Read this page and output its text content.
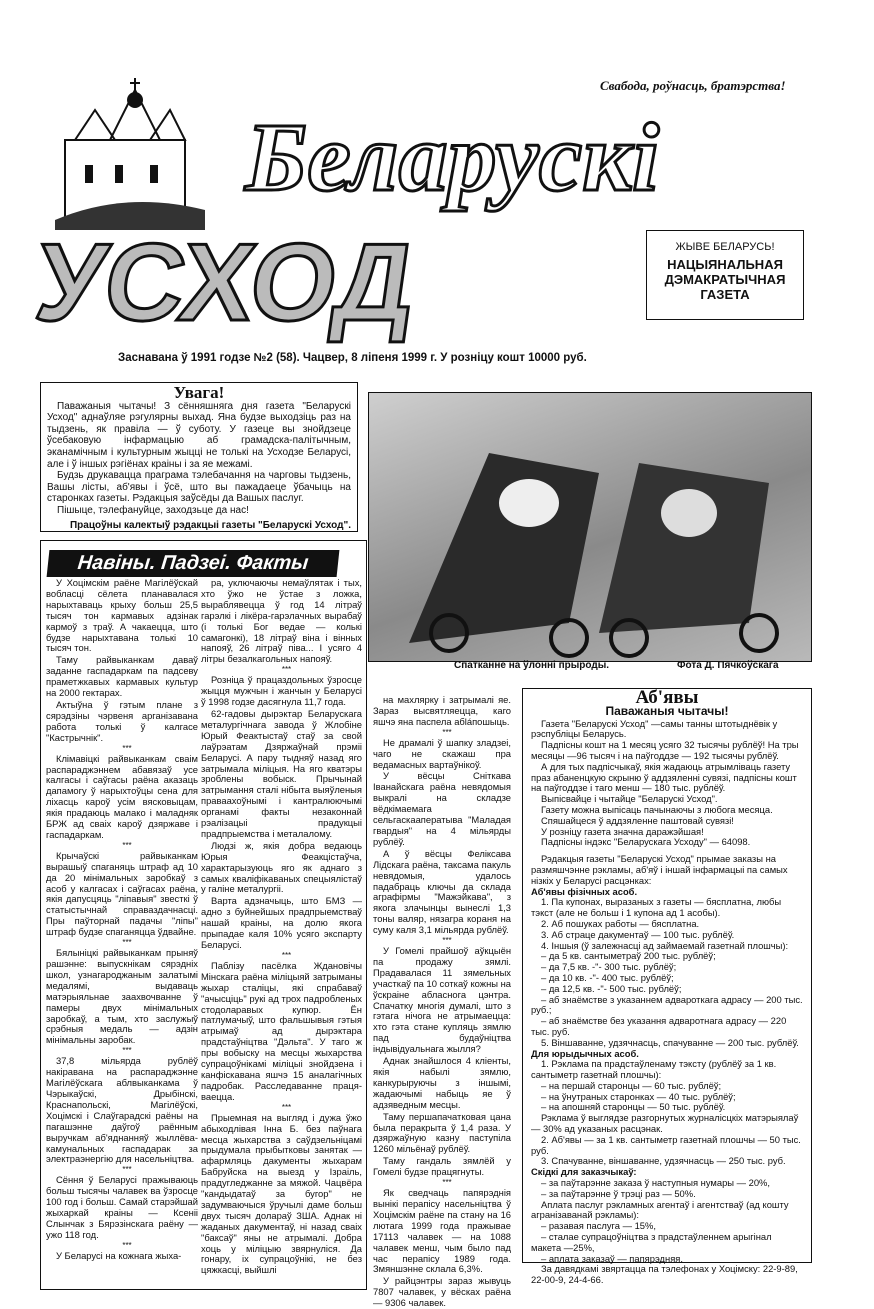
Свабода, роўнасць, братэрства!
Беларускі
УСХОД	ЖЫВЕ БЕЛАРУСЬ!
НАЦЫЯНАЛЬНАЯ
ДЭМАКРАТЫЧНАЯ
ГАЗЕТА
Заснавана ў 1991 годзе №2 (58). Чацвер, 8 ліпеня 1999 г. У розніцу кошт 10000 руб.
Увага!

Паважаныя чытачы! З сённяшняга дня газета "Беларускі Усход" аднаўляе рэгулярны выхад. Яна будзе выходзіць раз на тыдзень, як правіла — ў суботу. У газеце вы знойдзеце ўсебаковую інфармацыю аб грамадска-палітычным, эканамічным і культурным жыцці не толькі на Усходзе Беларусі, але і ў іншых рэгіёнах краіны і за яе межамі.

Будзь друкавацца праграма тэлебачання на чарговы тыдзень, Вашы лісты, аб'явы і ўсё, што вы пажадаеце ўбачыць на старонках газеты. Рэдакцыя заўсёды да Вашых паслуг.

Пішыце, тэлефануйце, заходзьце да нас!

Працоўны калектыў рэдакцыі газеты "Беларускі Усход".
Спатканне на ўлонні прыроды.	Фота Д. Пячкоўскага
Навіны. Падзеі. Факты

У Хоцімскім раёне Магілёўскай вобласці сёлета планавалася нарыхтаваць крыху больш 25,5 тысяч тон кармавых адзінак кармоў з траў. А чакаецца, што будзе нарыхтавана толькі 10 тысяч тон.

Таму райвыканкам даваў заданне гаспадаркам па падсеву праметжкавых кармавых культур на 2000 гектарах.

Актыўна ў гэтым плане з сярэдзіны чэрвеня арганізавана работа толькі ў калгасе "Кастрычнік".

***

Клімавіцкі райвыканкам сваім распараджэннем абавязаў усе калгасы і саўгасы раёна аказаць дапамогу ў нарыхтоўцы сена для ліхасць кароў усім вясковыцам, якія прадаюць малако і маладняк БРЖ ад сваіх кароў дзяржаве і гаспадаркам.

***

Крычаўскі райвыканкам вырашыў спаганяць штраф ад 10 да 20 мінімальных заробкаў з асоб у калгасах і саўгасах раёна, якія дапусцяць "ліпавыя" звесткі ў статыстычнай справаздачнасці. Пры паўторнай падачы "ліпы" штраф будзе спаганяцца ўдвайне.

***

Бялыніцкі райвыканкам прыняў рашэнне: выпускнікам сярэдніх школ, узнагароджаным залатымі медалямі, выдаваць матэрыяльнае заахвочванне ў памеры двух мінімальных заробкаў, а тым, хто заслужыў срэбныя медаль — адзін мінімальны заробак.

***

37,8 мільярда рублёў накіравана на распараджэнне Магілёўскага аблвыканкама ў Чэрыкаўскі, Дрыбінскі, Краснапольскі, Магілёўскі, Хоцімскі і Слаўгарадскі раёны на пагашэнне даўгоў раённым выручкам аб'яднанняў жыллёва-камунальных гаспадарак за электраэнергію для насельніцтва.

***

Сёння ў Беларусі пражываюць больш тысячы чалавек ва ўзросце 100 год і больш. Самай старэйшай жыхаркай краіны — Ксеніі Слынчак з Бярэзінскага раёну — ужо 118 год.

***

У Беларусі на кожнага жыха-

ра, уключаючы немаўлятак і тых, хто ўжо не ўстае з ложка, выраблявецца ў год 14 літраў гарэлкі і лікёра-гарэлачных вырабаў (і толькі Бог ведае — колькі самагонкі), 18 літраў віна і вінных напояў, 26 літраў піва... І усяго 4 літры безалкагольных напояў.

***

Розніца ў працаздольных ўзросце жыцця мужчын і жанчын у Беларусі ў 1998 годзе дасягнула 11,7 года.

62-гадовы дырэктар Беларускага металургічнага завода ў Жлобіне Юрый Феактыстаў стаў за свой лаўрэатам Дзяржаўнай прэміі Беларусі. А пару тыдняў назад яго затрымала міліцыя. На яго кватэры зроблены вобыск. Прычынай затрымання сталі нібыта выяўленыя праваахоўнымі і кантралюючымі органамі факты незаконнай рэалізацыі прадукцыі прадпрыемства і металалому.

Людзі ж, якія добра ведаюць Юрыя Феакцістаўча, характарызуюць яго як аднаго з самых кваліфікаваных спецыялістаў у галіне металургіі.

Варта адзначыць, што БМЗ — адно з буйнейшых прадпрыемстваў нашай краіны, на долю якога прыпадае каля 10% усяго экспарту Беларусі.

***

Паблізу пасёлка Ждановічы Мінскага раёна міліцыяй затрыманы жыхар сталіцы, які спрабаваў "ачысціць" рукі ад трох падробленых стодоларавых купюр. Ён патлумачыў, што фальшывыя гэтыя атрымаў ад дырэктара прадстаўніцтва "Дэльта". У таго ж пры вобыску на месцы жыхарства супрацоўнікамі міліцыі знойдзена і канфіскавана яшчэ 15 аналагічных падробак. Расследаванне працяваецца.

***

Прыемная на выгляд і дужа ўжо абыходлівая Інна Б. без паўнага месца жыхарства з саўдзельніцамі прыдумала прыбытковы занятак —афармляць дакументы жыхарам Бабруйска на выезд у Ізраіль, прадугледжанне за мяжой. Чацвёра "кандыдатаў за бугор" не задумваючыся ўручылі даме больш двух тысяч долараў ЗША. Аднак ні жаданых дакументаў, ні назад сваіх "баксаў" яны не атрымалі. Добра хоць у міліцыю звярнуліся. Да гонару, іх супрацоўнікі, не без цяжкасці, выйшлі

на махлярку і затрымалі яе. Зараз высвятляецца, каго яшчэ яна паспела абláпошыць.

***

Не драмалі ў шапку зладзеі, чаго не скажаш пра ведамасных вартаўнікоў.

У вёсцы Сніткава Іванайскага раёна невядомыя выкралі на складзе вёдкімаемага сельгаскааператыва "Маладая гвардыя" на 4 мільярды рублёў.

А ў вёсцы Фелікcава Лідскага раёна, таксама пакуль невядомыя, удалось падабраць ключы да склада аграфірмы "Мажэйкава", з якога злачынцы вынеслі 1,3 тоны валяр, нязагра кораня на суму каля 3,1 мільярда рублёў.

***

У Гомелі прайшоў аўкцыён па продажу зямлі. Прадавалася 11 зямельных участкаў па 10 соткаў кожны на ўскраіне абласнога цэнтра. Спачатку многія думалі, што з гэтага нічога не атрымаецца: хто гэта стане купляць зямлю пад будаўніцтва індывідуальнага жылля?

Аднак знайшлося 4 кліенты, якія набылі зямлю, канкурыруючы з іншымі, жадаючымі набыць яе ў адзяведным месцы.

Таму першапачатковая цана была перакрыта ў 1,4 раза. У дзяржаўную казну паступіла 1260 мільёнаў рублёў.

Таму гандаль зямлёй у Гомелі будзе працягнуты.

***

Як сведчаць папярэднія вынікі перапісу насельніцтва ў Хоцімскім раёне па стану на 16 лютага 1999 года пражывае 17113 чалавек — на 1088 чалавек менш, чым было пад час перапісу 1989 года. Змяншэнне склала 6,3%.

У райцэнтры зараз жывуць 7807 чалавек, у вёсках раёна — 9306 чалавек.

Аб'явы
Паважаныя чытачы!

Газета "Беларускі Усход" —самы танны штотыднёвік у рэспубліцы Беларусь.

Падпісны кошт на 1 месяц усяго 32 тысячы рублёў! На тры месяцы —96 тысяч і на паўгоддзе — 192 тысячы рублёў.

А для тых падпісчыкаў, якія жадаюць атрымліваць газету праз абаненцкую скрыню ў аддзяленні сувязі, падпісны кошт на паўгоддзе і таго менш — 180 тыс. рублёў.

Выпісвайце і чытайце "Беларускі Усход".

Газету можна выпісаць пачынаючы з любога месяца.

Спяшайцеся ў аддзяленне паштовай сувязі!

У розніцу газета значна даражэйшая!

Падпісны індэкс "Беларускага Усходу" — 64098.

Рэдакцыя газеты "Беларускі Усход" прымае заказы на размяшчэнне рэкламы, аб'яў і іншай інфармацыі па самых нізкіх у Беларусі расцэнках:

Аб'явы фізічных асоб.

1. Па купонах, выразаных з газеты — бясплатна, любы тэкст (але не больш і 1 купона ад 1 асобы).

2. Аб пошуках работы — бясплатна.

3. Аб страце дакументаў — 100 тыс. рублёў.

4. Іншыя (ў залежнасці ад займаемай газетнай плошчы):

– да 5 кв. сантыметраў 200 тыс. рублёў;

– да 7,5 кв. -"- 300 тыс. рублёў;

– да 10 кв. -"- 400 тыс. рублёў;

– да 12,5 кв. -"- 500 тыс. рублёў;

– аб знаёмстве з указаннем адвароткага адрасу — 200 тыс. руб.;

– аб знаёмстве без указання адваротнага адрасу — 220 тыс. руб.

5. Віншаванне, удзячнасць, спачуванне — 200 тыс. рублёў.

Для юрыдычных асоб.

1. Рэклама па прадстаўленаму тэксту (рублёў за 1 кв. сантыметр газетнай плошчы):

– на першай старонцы — 60 тыс. рублёў;

– на ўнутраных старонках — 40 тыс. рублёў;

– на апошняй старонцы — 50 тыс. рублёў.

Рэклама ў выглядзе разгорнутых журналісцкіх матэрыялаў — 30% ад указаных расцэнак.

2. Аб'явы — за 1 кв. сантыметр газетнай плошчы — 50 тыс. руб.

3. Спачуванне, віншаванне, удзячнасць — 250 тыс. руб.

Скідкі для заказчыкаў:

– за паўтарэнне заказа ў наступныя нумары — 20%,

– за паўтарэнне ў трэці раз — 50%.

Аплата паслуг рэкламных агентаў і агентстваў (ад кошту агранізаванай рэкламы):

– разавая паслуга — 15%,

– сталае супрацоўніцтва з прадстаўленнем арыгінал макета —25%,

– аплата заказаў — папярэдняя.

За давядкамі звяртацца па тэлефонах у Хоцімску: 22-9-89, 22-00-9, 24-4-66.
